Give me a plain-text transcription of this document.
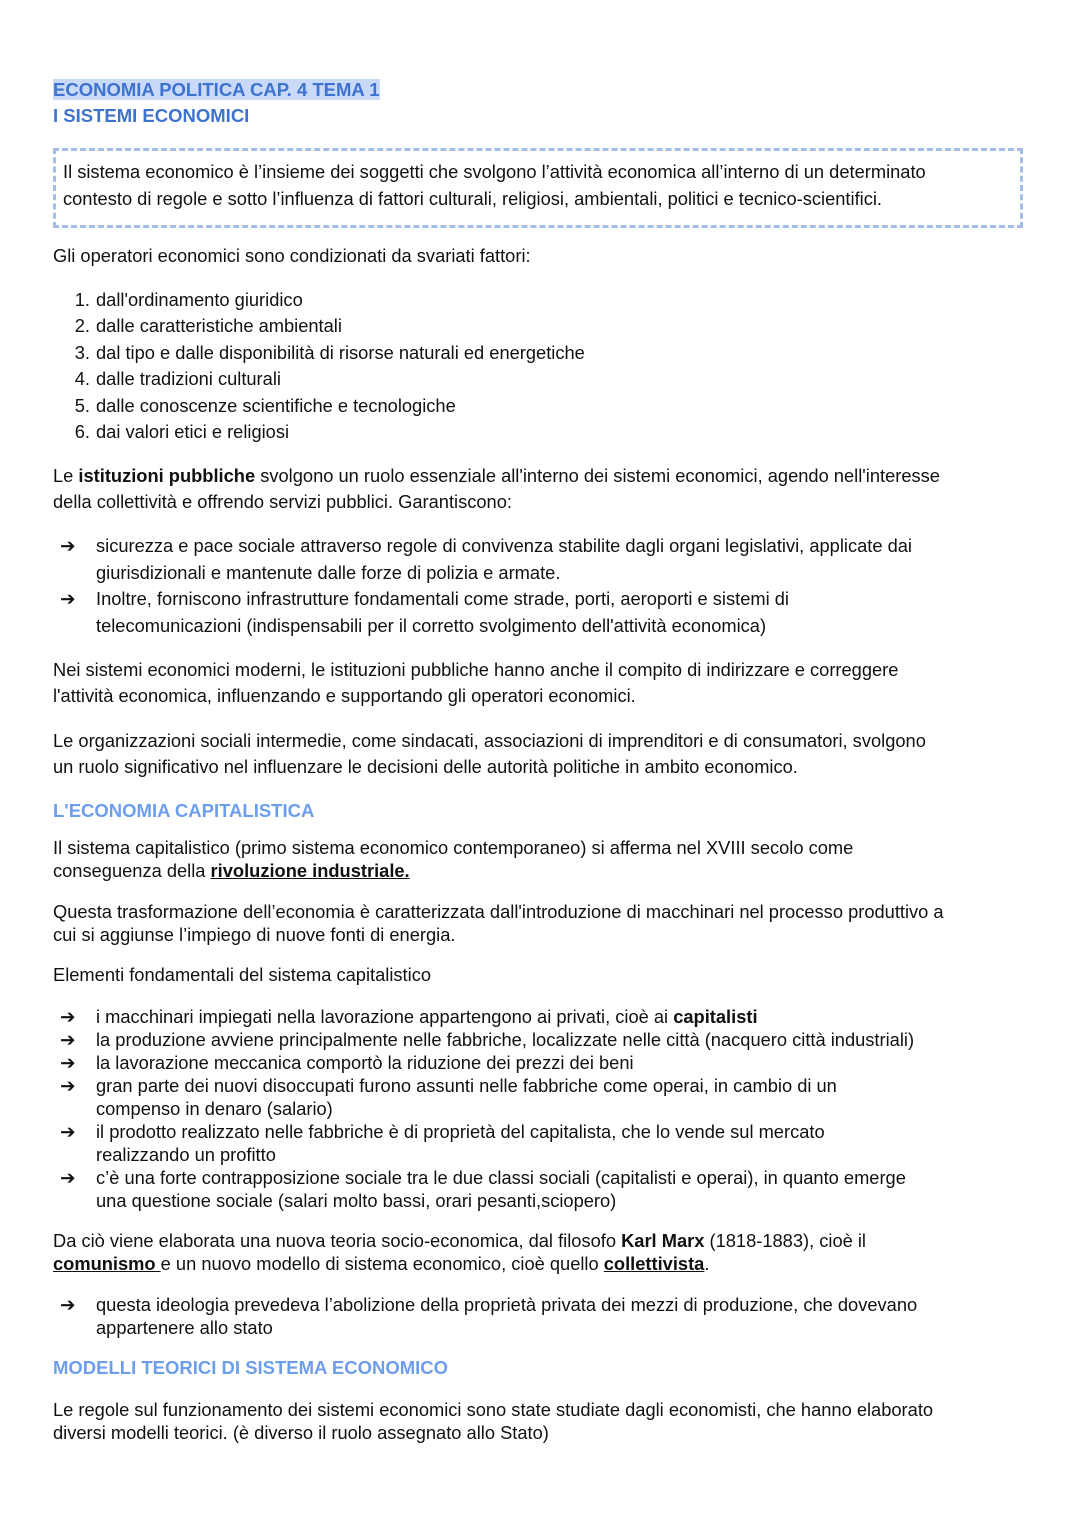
ECONOMIA POLITICA CAP. 4 TEMA 1
I SISTEMI ECONOMICI
Il sistema economico è l’insieme dei soggetti che svolgono l’attività economica all’interno di un determinato
contesto di regole e sotto l’influenza di fattori culturali, religiosi, ambientali, politici e tecnico-scientifici.
Gli operatori economici sono condizionati da svariati fattori:
1. dall'ordinamento giuridico
2. dalle caratteristiche ambientali
3. dal tipo e dalle disponibilità di risorse naturali ed energetiche
4. dalle tradizioni culturali
5. dalle conoscenze scientifiche e tecnologiche
6. dai valori etici e religiosi
Le istituzioni pubbliche svolgono un ruolo essenziale all'interno dei sistemi economici, agendo nell'interesse
della collettività e offrendo servizi pubblici. Garantiscono:
➔	sicurezza e pace sociale attraverso regole di convivenza stabilite dagli organi legislativi, applicate dai
giurisdizionali e mantenute dalle forze di polizia e armate.
➔	Inoltre, forniscono infrastrutture fondamentali come strade, porti, aeroporti e sistemi di
telecomunicazioni (indispensabili per il corretto svolgimento dell'attività economica)
Nei sistemi economici moderni, le istituzioni pubbliche hanno anche il compito di indirizzare e correggere
l'attività economica, influenzando e supportando gli operatori economici.
Le organizzazioni sociali intermedie, come sindacati, associazioni di imprenditori e di consumatori, svolgono
un ruolo significativo nel influenzare le decisioni delle autorità politiche in ambito economico.
L'ECONOMIA CAPITALISTICA
Il sistema capitalistico (primo sistema economico contemporaneo) si afferma nel XVIII secolo come
conseguenza della rivoluzione industriale.
Questa trasformazione dell’economia è caratterizzata dall'introduzione di macchinari nel processo produttivo a
cui si aggiunse l’impiego di nuove fonti di energia.
Elementi fondamentali del sistema capitalistico
➔	i macchinari impiegati nella lavorazione appartengono ai privati, cioè ai capitalisti
➔	la produzione avviene principalmente nelle fabbriche, localizzate nelle città (nacquero città industriali)
➔	la lavorazione meccanica comportò la riduzione dei prezzi dei beni
➔	gran parte dei nuovi disoccupati furono assunti nelle fabbriche come operai, in cambio di un
compenso in denaro (salario)
➔	il prodotto realizzato nelle fabbriche è di proprietà del capitalista, che lo vende sul mercato
realizzando un profitto
➔	c’è una forte contrapposizione sociale tra le due classi sociali (capitalisti e operai), in quanto emerge
una questione sociale (salari molto bassi, orari pesanti,sciopero)
Da ciò viene elaborata una nuova teoria socio-economica, dal filosofo Karl Marx (1818-1883), cioè il
comunismo e un nuovo modello di sistema economico, cioè quello collettivista.
➔	questa ideologia prevedeva l’abolizione della proprietà privata dei mezzi di produzione, che dovevano
appartenere allo stato
MODELLI TEORICI DI SISTEMA ECONOMICO
Le regole sul funzionamento dei sistemi economici sono state studiate dagli economisti, che hanno elaborato
diversi modelli teorici. (è diverso il ruolo assegnato allo Stato)
